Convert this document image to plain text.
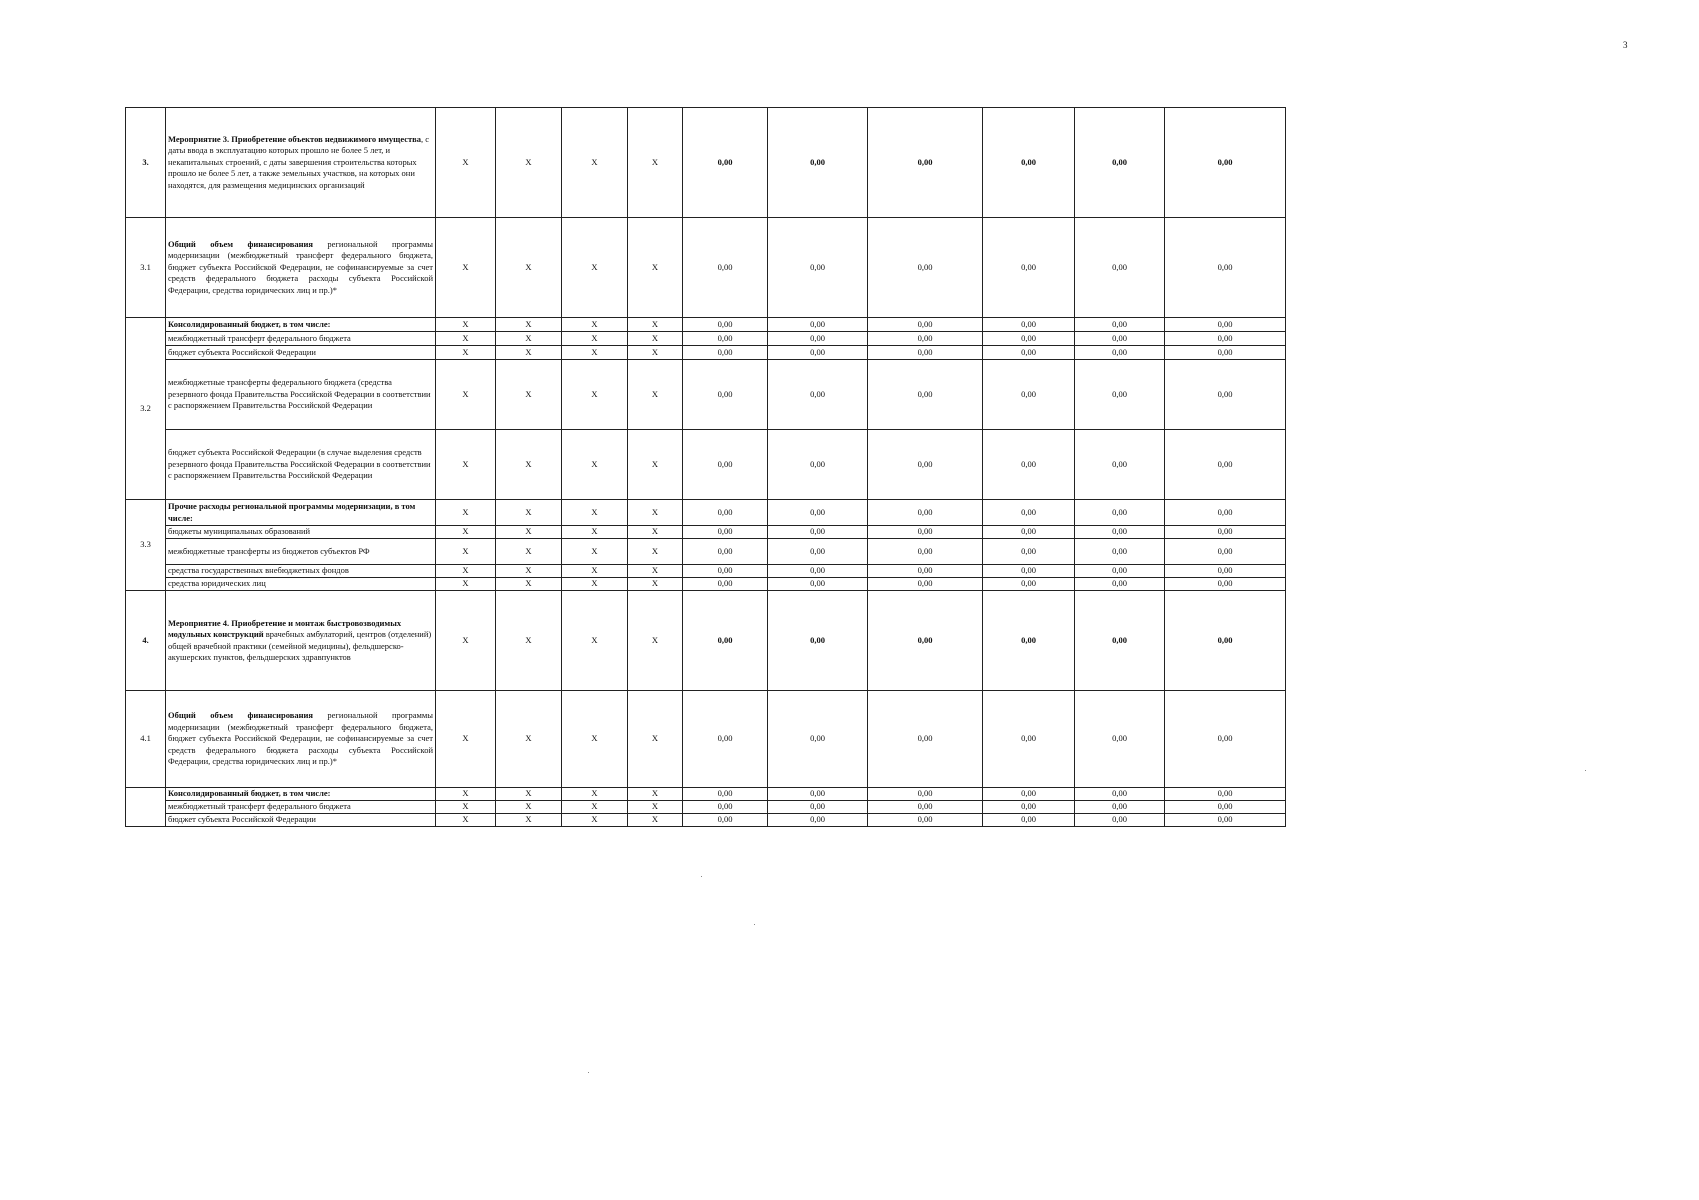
3
3.	Мероприятие 3. Приобретение объектов недвижимого имущества, с даты ввода в эксплуатацию которых прошло не более 5 лет, и некапитальных строений, с даты завершения строительства которых прошло не более 5 лет, а также земельных участков, на которых они находятся, для размещения медицинских организаций	X	X	X	X	0,00	0,00	0,00	0,00	0,00	0,00
3.1	Общий объем финансирования региональной программы модернизации (межбюджетный трансферт федерального бюджета, бюджет субъекта Российской Федерации, не софинансируемые за счет средств федерального бюджета расходы субъекта Российской Федерации, средства юридических лиц и пр.)*	X	X	X	X	0,00	0,00	0,00	0,00	0,00	0,00
3.2	Консолидированный бюджет, в том числе:	X	X	X	X	0,00	0,00	0,00	0,00	0,00	0,00
	межбюджетный трансферт федерального бюджета	X	X	X	X	0,00	0,00	0,00	0,00	0,00	0,00
	бюджет субъекта Российской Федерации	X	X	X	X	0,00	0,00	0,00	0,00	0,00	0,00
	межбюджетные трансферты федерального бюджета (средства резервного фонда Правительства Российской Федерации в соответствии с распоряжением Правительства Российской Федерации	X	X	X	X	0,00	0,00	0,00	0,00	0,00	0,00
	бюджет субъекта Российской Федерации (в случае выделения средств резервного фонда Правительства Российской Федерации в соответствии с распоряжением Правительства Российской Федерации	X	X	X	X	0,00	0,00	0,00	0,00	0,00	0,00
3.3	Прочие расходы региональной программы модернизации, в том числе:	X	X	X	X	0,00	0,00	0,00	0,00	0,00	0,00
	бюджеты муниципальных образований	X	X	X	X	0,00	0,00	0,00	0,00	0,00	0,00
	межбюджетные трансферты из бюджетов субъектов РФ	X	X	X	X	0,00	0,00	0,00	0,00	0,00	0,00
	средства государственных внебюджетных фондов	X	X	X	X	0,00	0,00	0,00	0,00	0,00	0,00
	средства юридических лиц	X	X	X	X	0,00	0,00	0,00	0,00	0,00	0,00
4.	Мероприятие 4. Приобретение и монтаж быстровозводимых модульных конструкций врачебных амбулаторий, центров (отделений) общей врачебной практики (семейной медицины), фельдшерско-акушерских пунктов, фельдшерских здравпунктов	X	X	X	X	0,00	0,00	0,00	0,00	0,00	0,00
4.1	Общий объем финансирования региональной программы модернизации (межбюджетный трансферт федерального бюджета, бюджет субъекта Российской Федерации, не софинансируемые за счет средств федерального бюджета расходы субъекта Российской Федерации, средства юридических лиц и пр.)*	X	X	X	X	0,00	0,00	0,00	0,00	0,00	0,00
	Консолидированный бюджет, в том числе:	X	X	X	X	0,00	0,00	0,00	0,00	0,00	0,00
	межбюджетный трансферт федерального бюджета	X	X	X	X	0,00	0,00	0,00	0,00	0,00	0,00
	бюджет субъекта Российской Федерации	X	X	X	X	0,00	0,00	0,00	0,00	0,00	0,00
